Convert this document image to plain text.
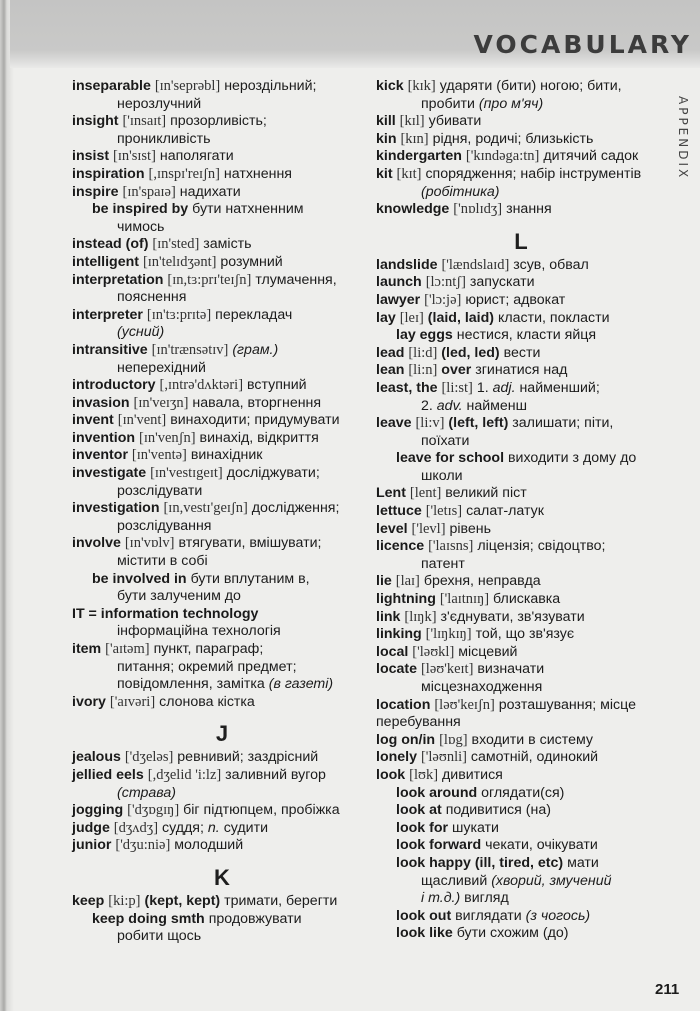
VOCABULARY
APPENDIX
inseparable [ɪn'seprəbl] нероздільний;
нерозлучний
insight ['ɪnsaɪt] прозорливість;
проникливість
insist [ɪn'sɪst] наполягати
inspiration [,ɪnspɪ'reɪʃn] натхнення
inspire [ɪn'spaɪə] надихати
be inspired by бути натхненним
чимось
instead (of) [ɪn'sted] замість
intelligent [ɪn'telɪdʒənt] розумний
interpretation [ɪn,tɜ:prɪ'teɪʃn] тлумачення,
пояснення
interpreter [ɪn'tɜ:prɪtə] перекладач
(усний)
intransitive [ɪn'trænsətɪv] (грам.)
неперехідний
introductory [,ɪntrə'dʌktəri] вступний
invasion [ɪn'veɪʒn] навала, вторгнення
invent [ɪn'vent] винаходити; придумувати
invention [ɪn'venʃn] винахід, відкриття
inventor [ɪn'ventə] винахідник
investigate [ɪn'vestɪgeɪt] досліджувати;
розслідувати
investigation [ɪn,vestɪ'geɪʃn] дослідження;
розслідування
involve [ɪn'vɒlv] втягувати, вмішувати;
містити в собі
be involved in бути вплутаним в,
бути залученим до
IT = information technology
інформаційна технологія
item ['aɪtəm] пункт, параграф;
питання; окремий предмет;
повідомлення, замітка (в газеті)
ivory ['aɪvəri] слонова кістка
J
jealous ['dʒeləs] ревнивий; заздрісний
jellied eels [,dʒelid 'i:lz] заливний вугор
(страва)
jogging ['dʒɒgɪŋ] біг підтюпцем, пробіжка
judge [dʒʌdʒ] суддя; n. судити
junior ['dʒu:niə] молодший
K
keep [ki:p] (kept, kept) тримати, берегти
keep doing smth продовжувати
робити щось
kick [kɪk] ударяти (бити) ногою; бити,
пробити (про м'яч)
kill [kɪl] убивати
kin [kɪn] рідня, родичі; близькість
kindergarten ['kɪndəga:tn] дитячий садок
kit [kɪt] спорядження; набір інструментів
(робітника)
knowledge ['nɒlɪdʒ] знання
L
landslide ['lændslaɪd] зсув, обвал
launch [lɔ:ntʃ] запускати
lawyer ['lɔ:jə] юрист; адвокат
lay [leɪ] (laid, laid) класти, покласти
lay eggs нестися, класти яйця
lead [li:d] (led, led) вести
lean [li:n] over згинатися над
least, the [li:st] 1. adj. найменший;
2. adv. найменш
leave [li:v] (left, left) залишати; піти,
поїхати
leave for school виходити з дому до
школи
Lent [lent] великий піст
lettuce ['letɪs] салат-латук
level ['levl] рівень
licence ['laɪsns] ліцензія; свідоцтво;
патент
lie [laɪ] брехня, неправда
lightning ['laɪtnɪŋ] блискавка
link [lɪŋk] з'єднувати, зв'язувати
linking ['lɪŋkɪŋ] той, що зв'язує
local ['ləʊkl] місцевий
locate [ləʊ'keɪt] визначати
місцезнаходження
location [ləʊ'keɪʃn] розташування; місце
перебування
log on/in [lɒg] входити в систему
lonely ['ləʊnli] самотній, одинокий
look [lʊk] дивитися
look around оглядати(ся)
look at подивитися (на)
look for шукати
look forward чекати, очікувати
look happy (ill, tired, etc) мати
щасливий (хворий, змучений
і т.д.) вигляд
look out виглядати (з чогось)
look like бути схожим (до)
211
